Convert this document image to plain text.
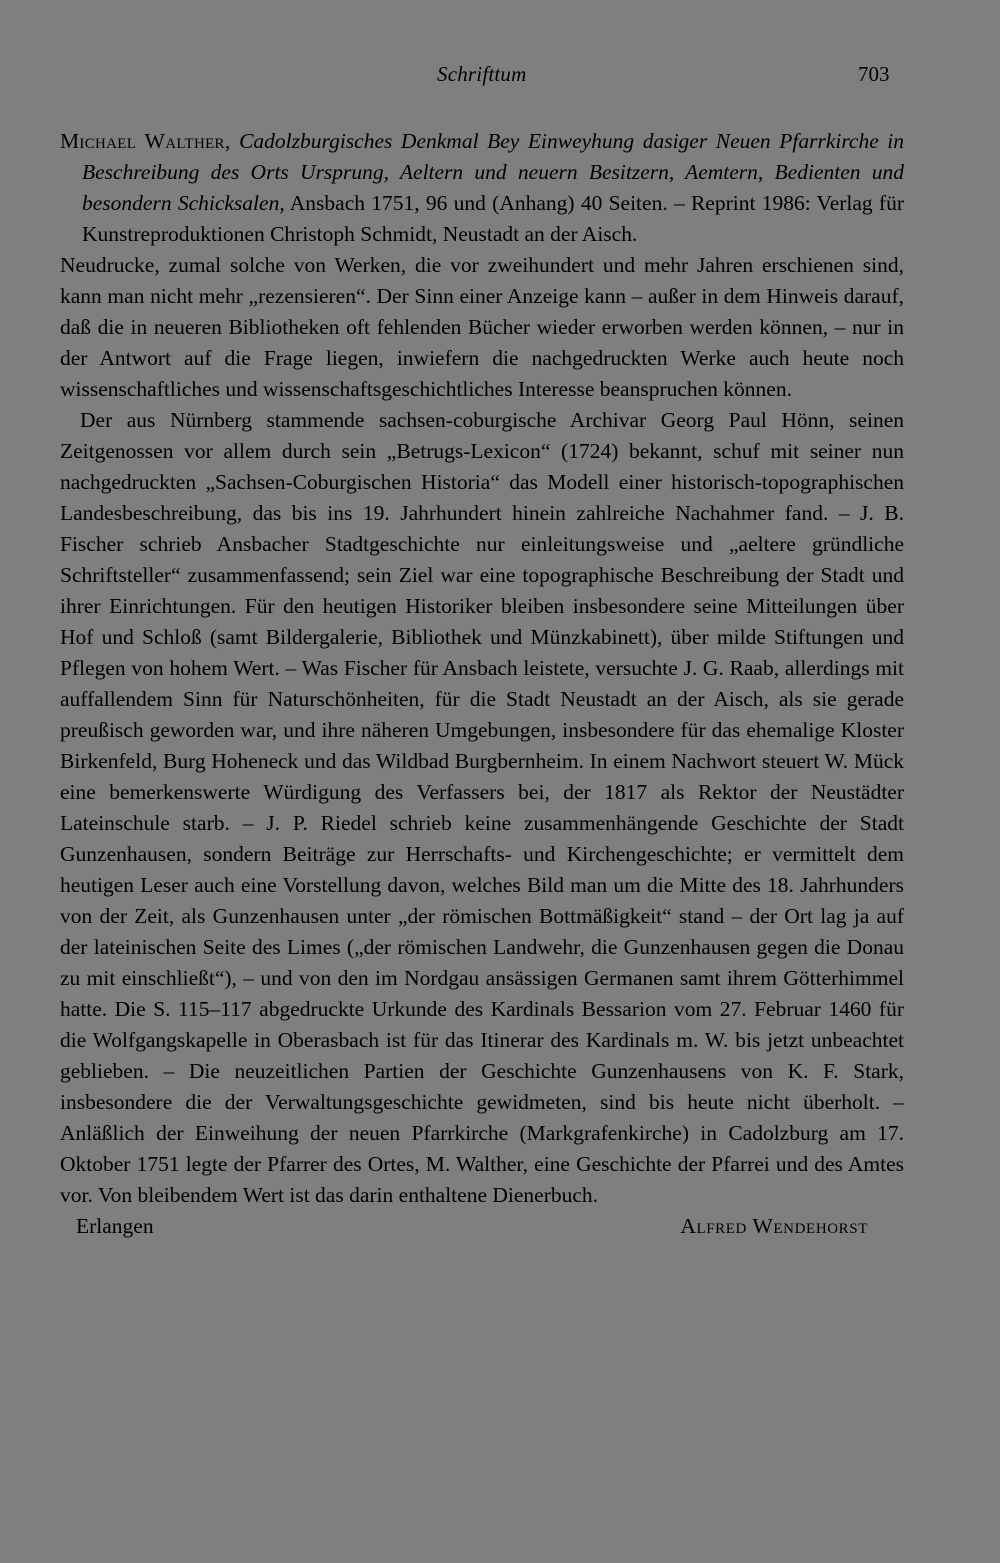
Schrifttum	703

Michael Walther, Cadolzburgisches Denkmal Bey Einweyhung dasiger Neuen Pfarrkirche in Beschreibung des Orts Ursprung, Aeltern und neuern Besitzern, Aemtern, Bedienten und besondern Schicksalen, Ansbach 1751, 96 und (Anhang) 40 Seiten. – Reprint 1986: Verlag für Kunstreproduktionen Christoph Schmidt, Neustadt an der Aisch.

Neudrucke, zumal solche von Werken, die vor zweihundert und mehr Jahren erschienen sind, kann man nicht mehr „rezensieren“. Der Sinn einer Anzeige kann – außer in dem Hinweis darauf, daß die in neueren Bibliotheken oft fehlenden Bücher wieder erworben werden können, – nur in der Antwort auf die Frage liegen, inwiefern die nachgedruckten Werke auch heute noch wissenschaftliches und wissenschaftsgeschichtliches Interesse beanspruchen können.

Der aus Nürnberg stammende sachsen-coburgische Archivar Georg Paul Hönn, seinen Zeitgenossen vor allem durch sein „Betrugs-Lexicon“ (1724) bekannt, schuf mit seiner nun nachgedruckten „Sachsen-Coburgischen Historia“ das Modell einer historisch-topographischen Landesbeschreibung, das bis ins 19. Jahrhundert hinein zahlreiche Nachahmer fand. – J. B. Fischer schrieb Ansbacher Stadtgeschichte nur einleitungsweise und „aeltere gründliche Schriftsteller“ zusammenfassend; sein Ziel war eine topographische Beschreibung der Stadt und ihrer Einrichtungen. Für den heutigen Historiker bleiben insbesondere seine Mitteilungen über Hof und Schloß (samt Bildergalerie, Bibliothek und Münzkabinett), über milde Stiftungen und Pflegen von hohem Wert. – Was Fischer für Ansbach leistete, versuchte J. G. Raab, allerdings mit auffallendem Sinn für Naturschönheiten, für die Stadt Neustadt an der Aisch, als sie gerade preußisch geworden war, und ihre näheren Umgebungen, insbesondere für das ehemalige Kloster Birkenfeld, Burg Hoheneck und das Wildbad Burgbernheim. In einem Nachwort steuert W. Mück eine bemerkenswerte Würdigung des Verfassers bei, der 1817 als Rektor der Neustädter Lateinschule starb. – J. P. Riedel schrieb keine zusammenhängende Geschichte der Stadt Gunzenhausen, sondern Beiträge zur Herrschafts- und Kirchengeschichte; er vermittelt dem heutigen Leser auch eine Vorstellung davon, welches Bild man um die Mitte des 18. Jahrhunders von der Zeit, als Gunzenhausen unter „der römischen Bottmäßigkeit“ stand – der Ort lag ja auf der lateinischen Seite des Limes („der römischen Landwehr, die Gunzenhausen gegen die Donau zu mit einschließt“), – und von den im Nordgau ansässigen Germanen samt ihrem Götterhimmel hatte. Die S. 115–117 abgedruckte Urkunde des Kardinals Bessarion vom 27. Februar 1460 für die Wolfgangskapelle in Oberasbach ist für das Itinerar des Kardinals m. W. bis jetzt unbeachtet geblieben. – Die neuzeitlichen Partien der Geschichte Gunzenhausens von K. F. Stark, insbesondere die der Verwaltungsgeschichte gewidmeten, sind bis heute nicht überholt. – Anläßlich der Einweihung der neuen Pfarrkirche (Markgrafenkirche) in Cadolzburg am 17. Oktober 1751 legte der Pfarrer des Ortes, M. Walther, eine Geschichte der Pfarrei und des Amtes vor. Von bleibendem Wert ist das darin enthaltene Dienerbuch.

Erlangen	Alfred Wendehorst
